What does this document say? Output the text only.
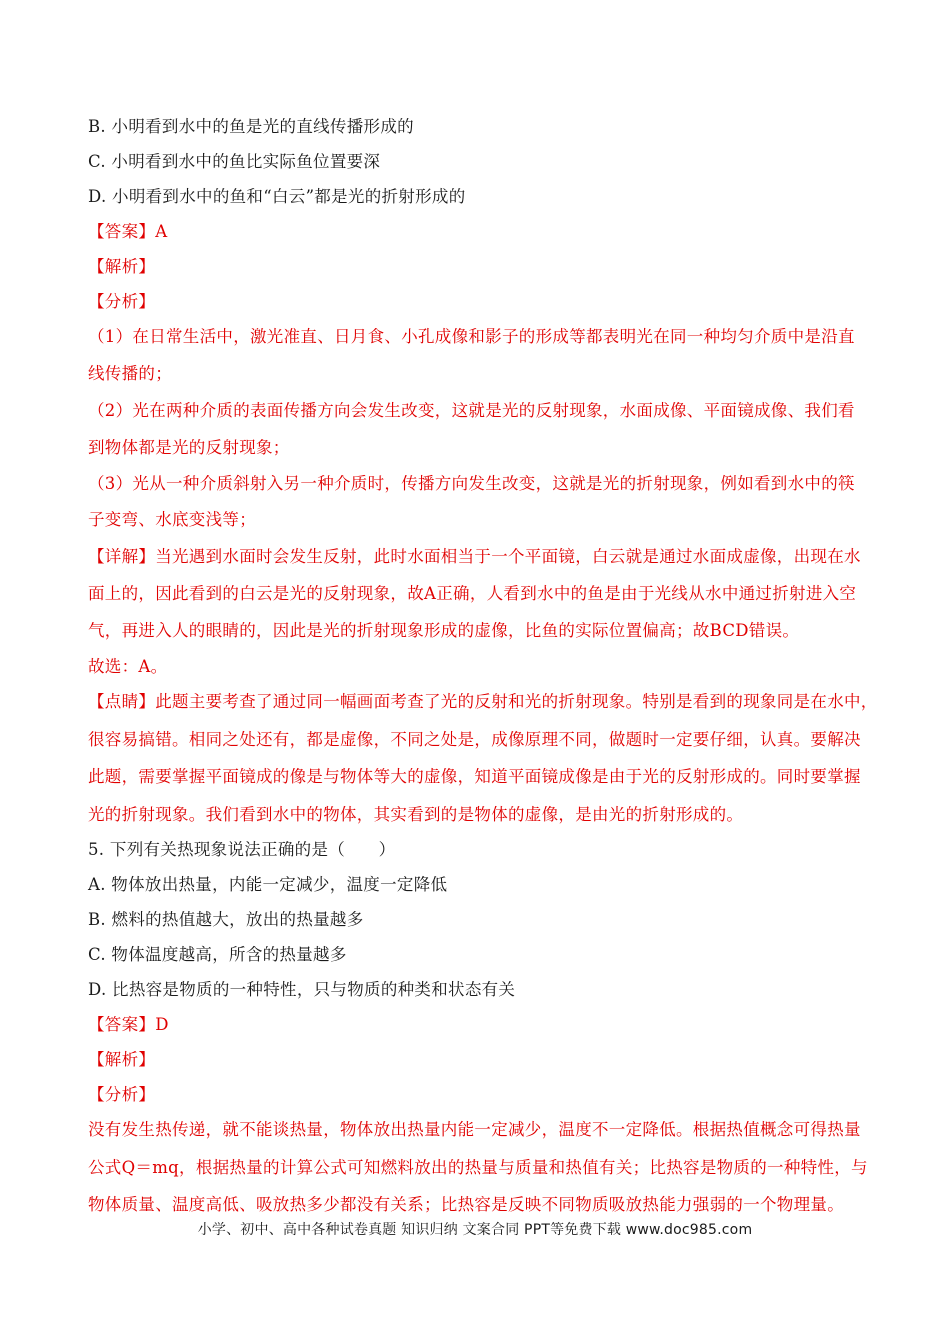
B. 小明看到水中的鱼是光的直线传播形成的
C. 小明看到水中的鱼比实际鱼位置要深
D. 小明看到水中的鱼和“白云”都是光的折射形成的
【答案】A
【解析】
【分析】
（1）在日常生活中，激光准直、日月食、小孔成像和影子的形成等都表明光在同一种均匀介质中是沿直
线传播的；
（2）光在两种介质的表面传播方向会发生改变，这就是光的反射现象，水面成像、平面镜成像、我们看
到物体都是光的反射现象；
（3）光从一种介质斜射入另一种介质时，传播方向发生改变，这就是光的折射现象，例如看到水中的筷
子变弯、水底变浅等；
【详解】当光遇到水面时会发生反射，此时水面相当于一个平面镜，白云就是通过水面成虚像，出现在水
面上的，因此看到的白云是光的反射现象，故A正确，人看到水中的鱼是由于光线从水中通过折射进入空
气，再进入人的眼睛的，因此是光的折射现象形成的虚像，比鱼的实际位置偏高；故BCD错误。
故选：A。
【点睛】此题主要考查了通过同一幅画面考查了光的反射和光的折射现象。特别是看到的现象同是在水中，
很容易搞错。相同之处还有，都是虚像，不同之处是，成像原理不同，做题时一定要仔细，认真。要解决
此题，需要掌握平面镜成的像是与物体等大的虚像，知道平面镜成像是由于光的反射形成的。同时要掌握
光的折射现象。我们看到水中的物体，其实看到的是物体的虚像，是由光的折射形成的。
5. 下列有关热现象说法正确的是（　　）
A. 物体放出热量，内能一定减少，温度一定降低
B. 燃料的热值越大，放出的热量越多
C. 物体温度越高，所含的热量越多
D. 比热容是物质的一种特性，只与物质的种类和状态有关
【答案】D
【解析】
【分析】
没有发生热传递，就不能谈热量，物体放出热量内能一定减少，温度不一定降低。根据热值概念可得热量
公式Q＝mq，根据热量的计算公式可知燃料放出的热量与质量和热值有关；比热容是物质的一种特性，与
物体质量、温度高低、吸放热多少都没有关系；比热容是反映不同物质吸放热能力强弱的一个物理量。
小学、初中、高中各种试卷真题 知识归纳 文案合同 PPT等免费下载 www.doc985.com
